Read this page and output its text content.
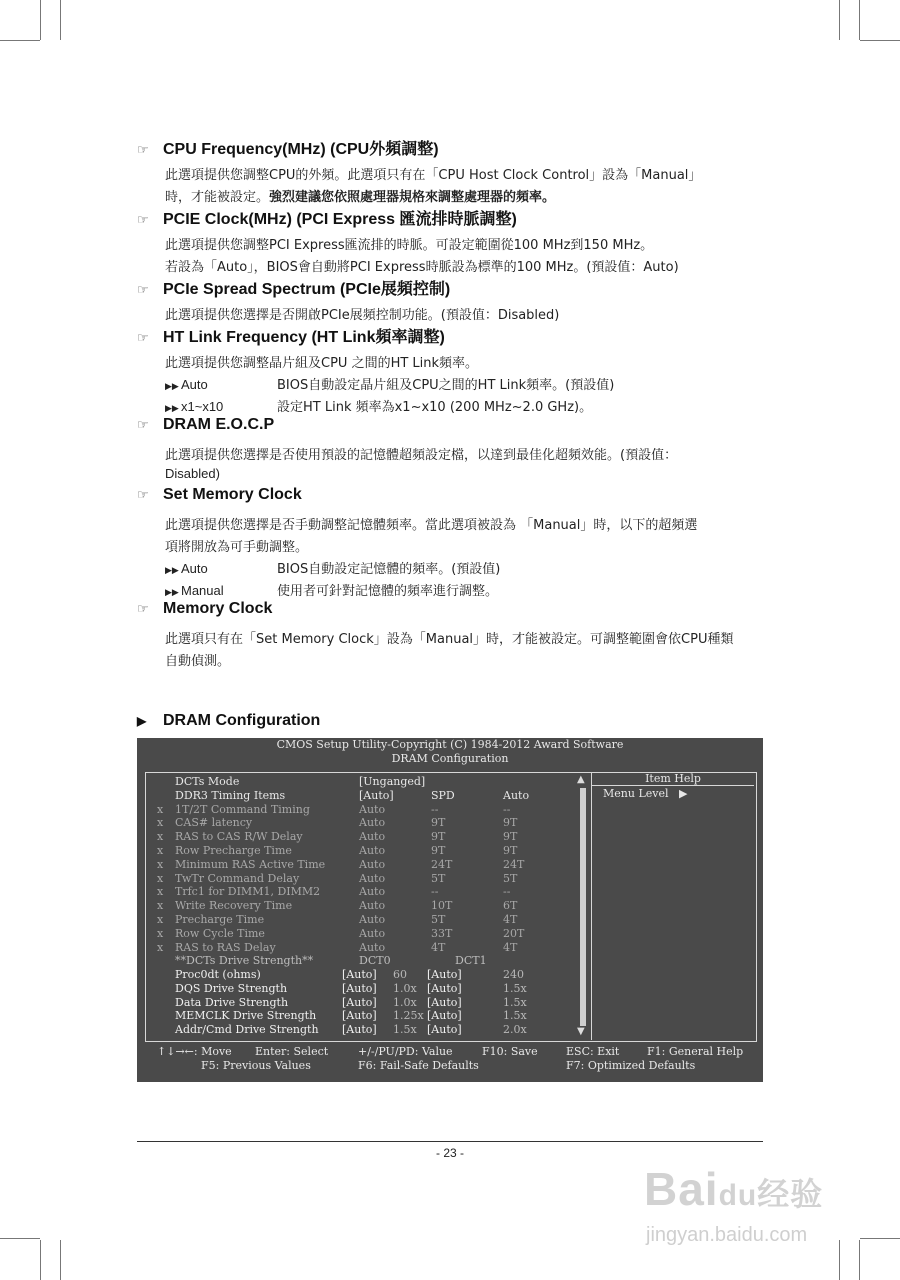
☞ CPU Frequency(MHz) (CPU外頻調整)
此選項提供您調整CPU的外頻。此選項只有在「CPU Host Clock Control」設為「Manual」
時，才能被設定。強烈建議您依照處理器規格來調整處理器的頻率。
☞ PCIE Clock(MHz) (PCI Express 匯流排時脈調整)
此選項提供您調整PCI Express匯流排的時脈。可設定範圍從100 MHz到150 MHz。
若設為「Auto」，BIOS會自動將PCI Express時脈設為標準的100 MHz。(預設值：Auto)
☞ PCIe Spread Spectrum (PCIe展頻控制)
此選項提供您選擇是否開啟PCIe展頻控制功能。(預設值：Disabled)
☞ HT Link Frequency (HT Link頻率調整)
此選項提供您調整晶片組及CPU 之間的HT Link頻率。
▶▶ Auto	BIOS自動設定晶片組及CPU之間的HT Link頻率。(預設值)
▶▶ x1~x10	設定HT Link 頻率為x1~x10 (200 MHz~2.0 GHz)。
☞ DRAM E.O.C.P
此選項提供您選擇是否使用預設的記憶體超頻設定檔，以達到最佳化超頻效能。(預設值：
Disabled)
☞ Set Memory Clock
此選項提供您選擇是否手動調整記憶體頻率。當此選項被設為 「Manual」時，以下的超頻選
項將開放為可手動調整。
▶▶ Auto	BIOS自動設定記憶體的頻率。(預設值)
▶▶ Manual	使用者可針對記憶體的頻率進行調整。
☞ Memory Clock
此選項只有在「Set Memory Clock」設為「Manual」時，才能被設定。可調整範圍會依CPU種類
自動偵測。
▶ DRAM Configuration
CMOS Setup Utility-Copyright (C) 1984-2012 Award Software
DRAM Configuration
Item Help
Menu Level ▶
▲
▼
DCTs Mode	[Unganged]
DDR3 Timing Items	[Auto]	SPD	Auto
x 1T/2T Command Timing	Auto	--	--
x CAS# latency	Auto	9T	9T
x RAS to CAS R/W Delay	Auto	9T	9T
x Row Precharge Time	Auto	9T	9T
x Minimum RAS Active Time	Auto	24T	24T
x TwTr Command Delay	Auto	5T	5T
x Trfc1 for DIMM1, DIMM2	Auto	--	--
x Write Recovery Time	Auto	10T	6T
x Precharge Time	Auto	5T	4T
x Row Cycle Time	Auto	33T	20T
x RAS to RAS Delay	Auto	4T	4T
**DCTs Drive Strength**	DCT0	DCT1
Proc0dt (ohms)	[Auto] 60 [Auto]	240
DQS Drive Strength	[Auto] 1.0x [Auto]	1.5x
Data Drive Strength	[Auto] 1.0x [Auto]	1.5x
MEMCLK Drive Strength [Auto] 1.25x [Auto]	1.5x
Addr/Cmd Drive Strength [Auto] 1.5x [Auto]	2.0x
↑↓→←: Move Enter: Select	+/-/PU/PD: Value	F10: Save	ESC: Exit	F1: General Help
F5: Previous Values	F6: Fail-Safe Defaults	F7: Optimized Defaults
- 23 -
Baidu经验
jingyan.baidu.com
